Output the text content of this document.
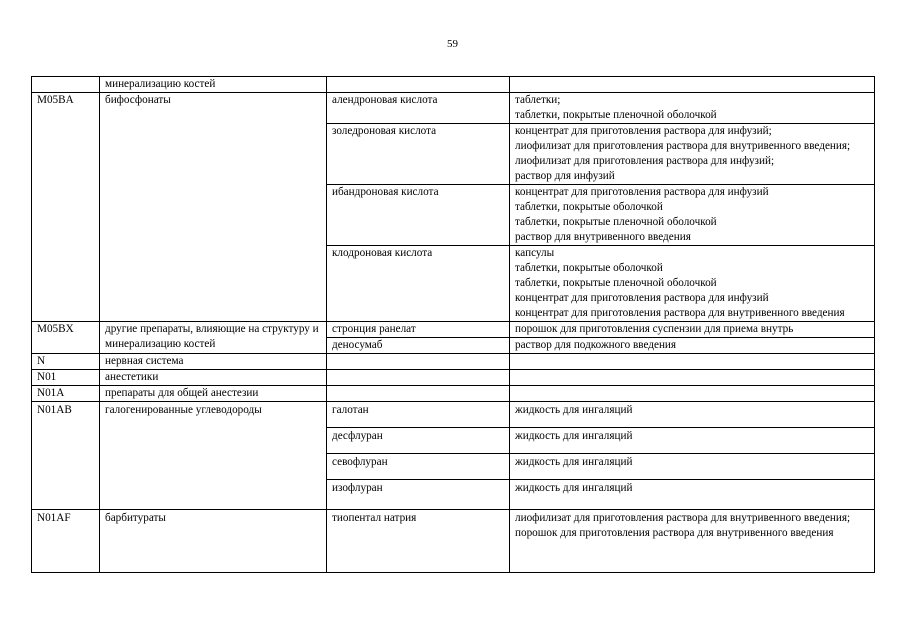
59
	минерализацию костей		
M05BA	бифосфонаты	алендроновая кислота	таблетки;
таблетки, покрытые пленочной оболочкой
		золедроновая кислота	концентрат для приготовления раствора для инфузий;
лиофилизат для приготовления раствора для внутривенного введения;
лиофилизат для приготовления раствора для инфузий;
раствор для инфузий
		ибандроновая кислота	концентрат для приготовления раствора для инфузий
таблетки, покрытые оболочкой
таблетки, покрытые пленочной оболочкой
раствор для внутривенного введения
		клодроновая кислота	капсулы
таблетки, покрытые оболочкой
таблетки, покрытые пленочной оболочкой
концентрат для приготовления раствора для инфузий
концентрат для приготовления раствора для внутривенного введения
M05BX	другие препараты, влияющие на структуру и минерализацию костей	стронция ранелат	порошок для приготовления суспензии для приема внутрь
		деносумаб	раствор для подкожного введения
N	нервная система		
N01	анестетики		
N01A	препараты для общей анестезии		
N01AB	галогенированные углеводороды	галотан	жидкость для ингаляций
		десфлуран	жидкость для ингаляций
		севофлуран	жидкость для ингаляций
		изофлуран	жидкость для ингаляций
N01AF	барбитураты	тиопентал натрия	лиофилизат для приготовления раствора для внутривенного введения;
порошок для приготовления раствора для внутривенного введения
